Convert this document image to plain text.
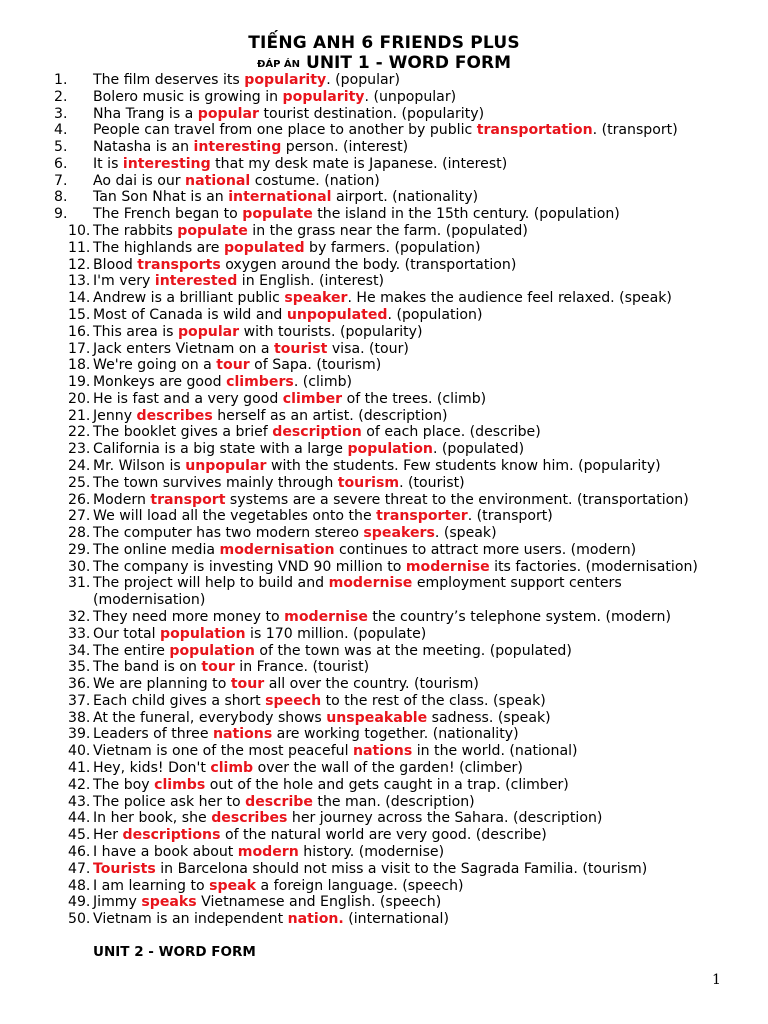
TIẾNG ANH 6 FRIENDS PLUS
ĐÁP ÁN UNIT 1 - WORD FORM
1.	The film deserves its popularity. (popular)
2.	Bolero music is growing in popularity. (unpopular)
3.	Nha Trang is a popular tourist destination. (popularity)
4.	People can travel from one place to another by public transportation. (transport)
5.	Natasha is an interesting person. (interest)
6.	It is interesting that my desk mate is Japanese. (interest)
7.	Ao dai is our national costume. (nation)
8.	Tan Son Nhat is an international airport. (nationality)
9.	The French began to populate the island in the 15th century. (population)
10. The rabbits populate in the grass near the farm. (populated)
11. The highlands are populated by farmers. (population)
12. Blood transports oxygen around the body. (transportation)
13. I'm very interested in English. (interest)
14. Andrew is a brilliant public speaker. He makes the audience feel relaxed. (speak)
15. Most of Canada is wild and unpopulated. (population)
16. This area is popular with tourists. (popularity)
17. Jack enters Vietnam on a tourist visa. (tour)
18. We're going on a tour of Sapa. (tourism)
19. Monkeys are good climbers. (climb)
20. He is fast and a very good climber of the trees. (climb)
21. Jenny describes herself as an artist. (description)
22. The booklet gives a brief description of each place. (describe)
23. California is a big state with a large population. (populated)
24. Mr. Wilson is unpopular with the students. Few students know him. (popularity)
25. The town survives mainly through tourism. (tourist)
26. Modern transport systems are a severe threat to the environment. (transportation)
27. We will load all the vegetables onto the transporter. (transport)
28. The computer has two modern stereo speakers. (speak)
29. The online media modernisation continues to attract more users. (modern)
30. The company is investing VND 90 million to modernise its factories. (modernisation)
31. The project will help to build and modernise employment support centers
(modernisation)
32. They need more money to modernise the country’s telephone system. (modern)
33. Our total population is 170 million. (populate)
34. The entire population of the town was at the meeting. (populated)
35. The band is on tour in France. (tourist)
36. We are planning to tour all over the country. (tourism)
37. Each child gives a short speech to the rest of the class. (speak)
38. At the funeral, everybody shows unspeakable sadness. (speak)
39. Leaders of three nations are working together. (nationality)
40. Vietnam is one of the most peaceful nations in the world. (national)
41. Hey, kids! Don't climb over the wall of the garden! (climber)
42. The boy climbs out of the hole and gets caught in a trap. (climber)
43. The police ask her to describe the man. (description)
44. In her book, she describes her journey across the Sahara. (description)
45. Her descriptions of the natural world are very good. (describe)
46. I have a book about modern history. (modernise)
47. Tourists in Barcelona should not miss a visit to the Sagrada Familia. (tourism)
48. I am learning to speak a foreign language. (speech)
49. Jimmy speaks Vietnamese and English. (speech)
50. Vietnam is an independent nation. (international)
UNIT 2 - WORD FORM
1
